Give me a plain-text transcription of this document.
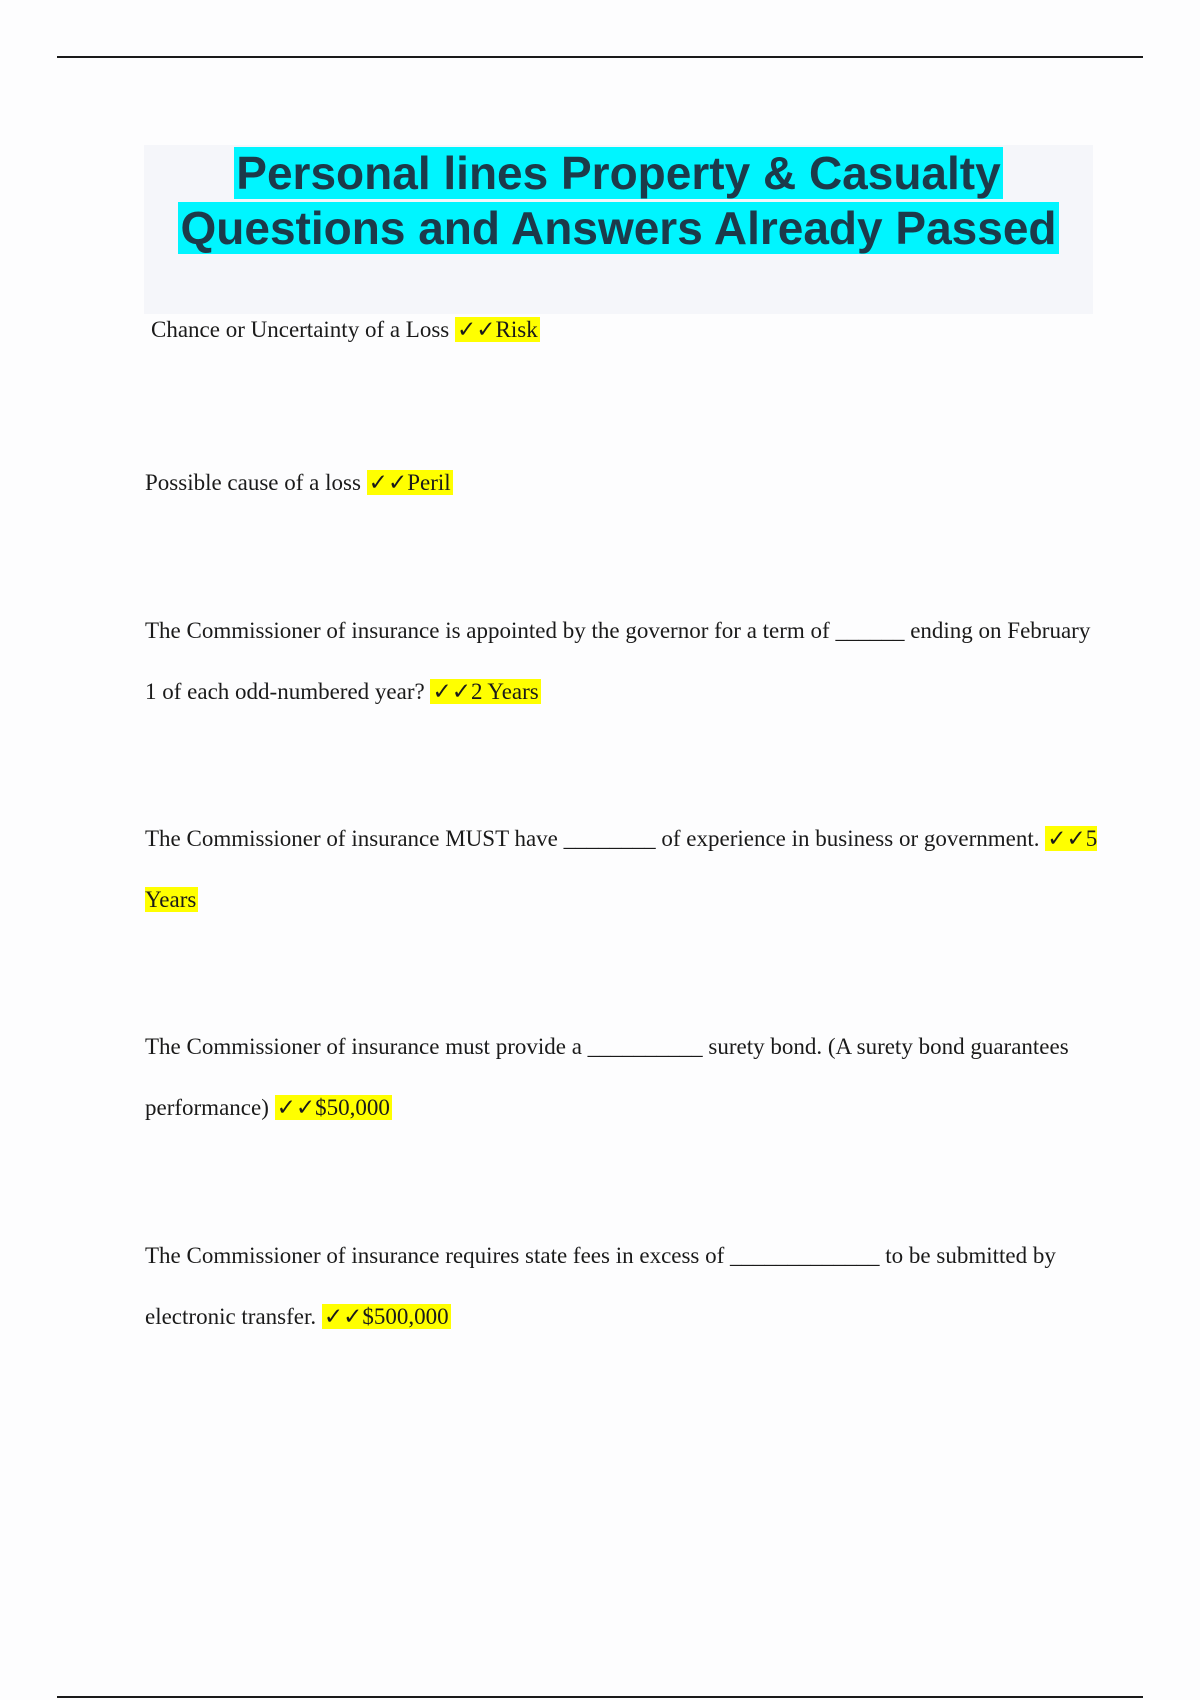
Personal lines Property & Casualty
Questions and Answers Already Passed

Chance or Uncertainty of a Loss ✓✓Risk

Possible cause of a loss ✓✓Peril

The Commissioner of insurance is appointed by the governor for a term of ______ ending on February 1 of each odd-numbered year? ✓✓2 Years

The Commissioner of insurance MUST have ________ of experience in business or government. ✓✓5 Years

The Commissioner of insurance must provide a __________ surety bond. (A surety bond guarantees performance) ✓✓$50,000

The Commissioner of insurance requires state fees in excess of _____________ to be submitted by electronic transfer. ✓✓$500,000
